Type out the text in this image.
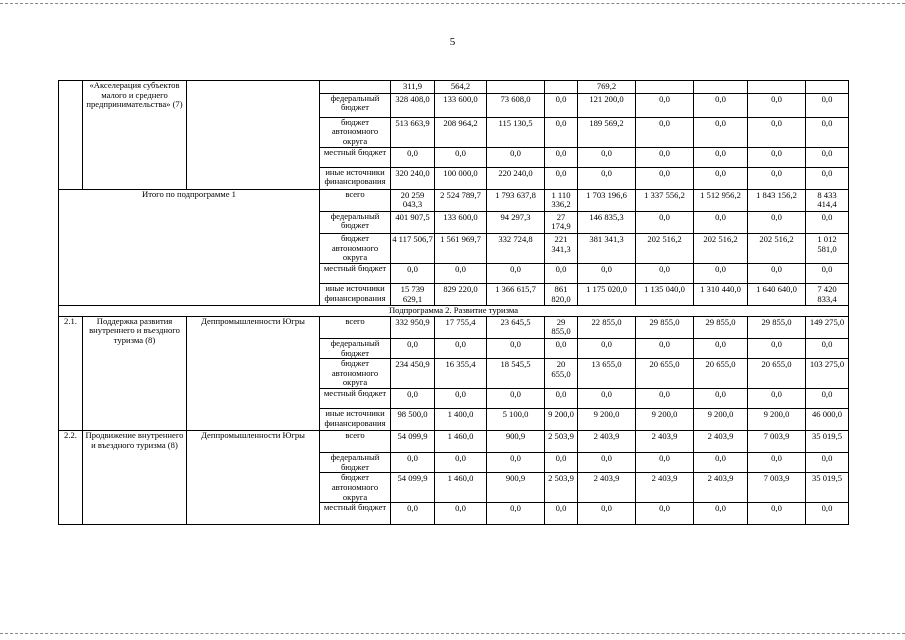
5
	«Акселерация субъектов малого и среднего предпринимательства» (7)			311,9	564,2			769,2				
			федеральный бюджет	328 408,0	133 600,0	73 608,0	0,0	121 200,0	0,0	0,0	0,0	0,0
			бюджет автономного округа	513 663,9	208 964,2	115 130,5	0,0	189 569,2	0,0	0,0	0,0	0,0
			местный бюджет	0,0	0,0	0,0	0,0	0,0	0,0	0,0	0,0	0,0
			иные источники финансирования	320 240,0	100 000,0	220 240,0	0,0	0,0	0,0	0,0	0,0	0,0
Итого по подпрограмме 1			всего	20 259 043,3	2 524 789,7	1 793 637,8	1 110 336,2	1 703 196,6	1 337 556,2	1 512 956,2	1 843 156,2	8 433 414,4
			федеральный бюджет	401 907,5	133 600,0	94 297,3	27 174,9	146 835,3	0,0	0,0	0,0	0,0
			бюджет автономного округа	4 117 506,7	1 561 969,7	332 724,8	221 341,3	381 341,3	202 516,2	202 516,2	202 516,2	1 012 581,0
			местный бюджет	0,0	0,0	0,0	0,0	0,0	0,0	0,0	0,0	0,0
			иные источники финансирования	15 739 629,1	829 220,0	1 366 615,7	861 820,0	1 175 020,0	1 135 040,0	1 310 440,0	1 640 640,0	7 420 833,4
Подпрограмма 2. Развитие туризма												
2.1.	Поддержка развития внутреннего и въездного туризма (8)	Деппромышленности Югры	всего	332 950,9	17 755,4	23 645,5	29 855,0	22 855,0	29 855,0	29 855,0	29 855,0	149 275,0
			федеральный бюджет	0,0	0,0	0,0	0,0	0,0	0,0	0,0	0,0	0,0
			бюджет автономного округа	234 450,9	16 355,4	18 545,5	20 655,0	13 655,0	20 655,0	20 655,0	20 655,0	103 275,0
			местный бюджет	0,0	0,0	0,0	0,0	0,0	0,0	0,0	0,0	0,0
			иные источники финансирования	98 500,0	1 400,0	5 100,0	9 200,0	9 200,0	9 200,0	9 200,0	9 200,0	46 000,0
2.2.	Продвижение внутреннего и въездного туризма (8)	Деппромышленности Югры	всего	54 099,9	1 460,0	900,9	2 503,9	2 403,9	2 403,9	2 403,9	7 003,9	35 019,5
			федеральный бюджет	0,0	0,0	0,0	0,0	0,0	0,0	0,0	0,0	0,0
			бюджет автономного округа	54 099,9	1 460,0	900,9	2 503,9	2 403,9	2 403,9	2 403,9	7 003,9	35 019,5
			местный бюджет	0,0	0,0	0,0	0,0	0,0	0,0	0,0	0,0	0,0
